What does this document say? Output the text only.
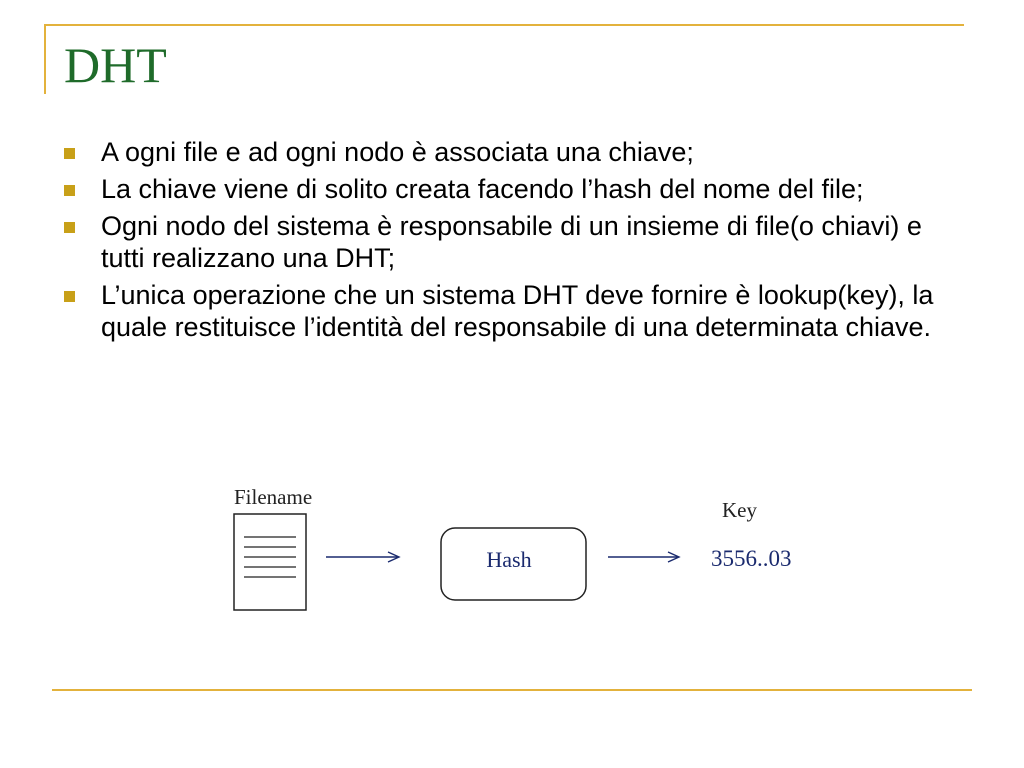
DHT
A ogni file e ad ogni nodo è associata una chiave;
La chiave viene di solito creata facendo l’hash del nome del file;
Ogni nodo del sistema è responsabile di un insieme di file(o chiavi) e tutti realizzano una DHT;
L’unica operazione che un sistema DHT deve fornire è lookup(key), la quale restituisce l’identità del responsabile di una determinata chiave.
Filename
Hash
Key
3556..03
